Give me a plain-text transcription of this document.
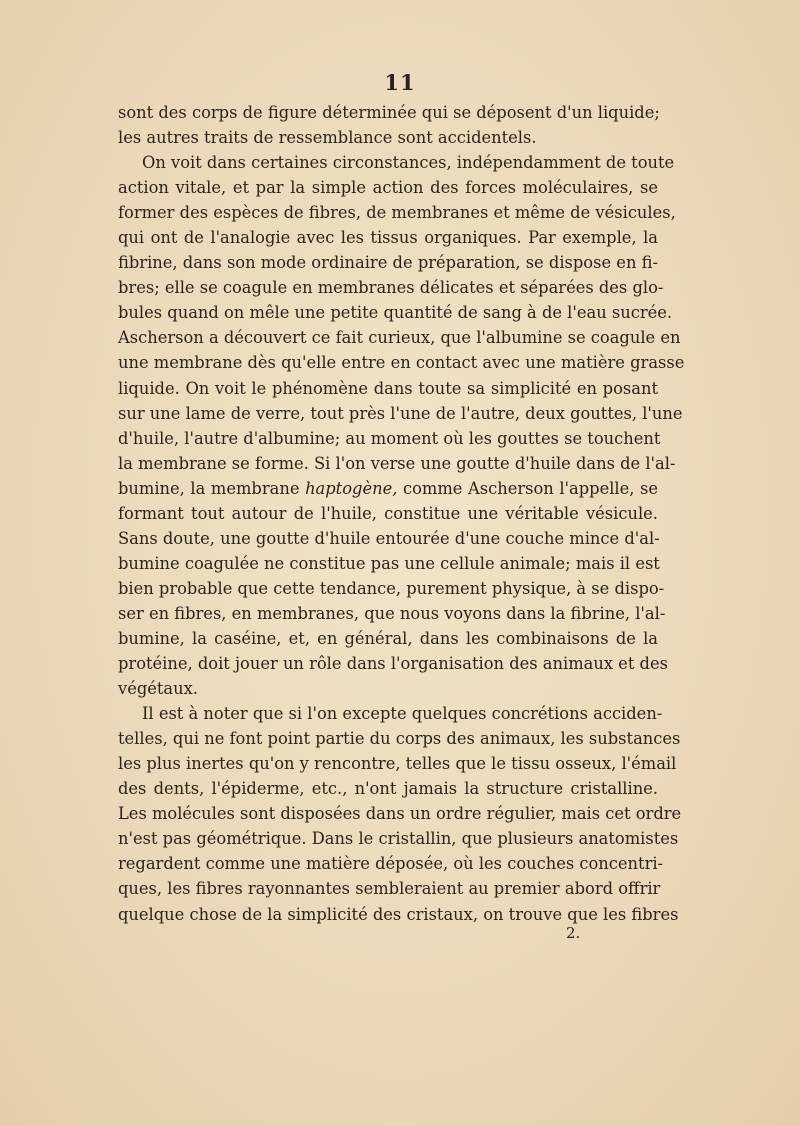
11
sont des corps de figure déterminée qui se déposent d'un liquide;
les autres traits de ressemblance sont accidentels.
On voit dans certaines circonstances, indépendamment de toute
action vitale, et par la simple action des forces moléculaires, se
former des espèces de fibres, de membranes et même de vésicules,
qui ont de l'analogie avec les tissus organiques. Par exemple, la
fibrine, dans son mode ordinaire de préparation, se dispose en fi-
bres; elle se coagule en membranes délicates et séparées des glo-
bules quand on mêle une petite quantité de sang à de l'eau sucrée.
Ascherson a découvert ce fait curieux, que l'albumine se coagule en
une membrane dès qu'elle entre en contact avec une matière grasse
liquide. On voit le phénomène dans toute sa simplicité en posant
sur une lame de verre, tout près l'une de l'autre, deux gouttes, l'une
d'huile, l'autre d'albumine; au moment où les gouttes se touchent
la membrane se forme. Si l'on verse une goutte d'huile dans de l'al-
bumine, la membrane haptogène, comme Ascherson l'appelle, se
formant tout autour de l'huile, constitue une véritable vésicule.
Sans doute, une goutte d'huile entourée d'une couche mince d'al-
bumine coagulée ne constitue pas une cellule animale; mais il est
bien probable que cette tendance, purement physique, à se dispo-
ser en fibres, en membranes, que nous voyons dans la fibrine, l'al-
bumine, la caséine, et, en général, dans les combinaisons de la
protéine, doit jouer un rôle dans l'organisation des animaux et des
végétaux.
Il est à noter que si l'on excepte quelques concrétions acciden-
telles, qui ne font point partie du corps des animaux, les substances
les plus inertes qu'on y rencontre, telles que le tissu osseux, l'émail
des dents, l'épiderme, etc., n'ont jamais la structure cristalline.
Les molécules sont disposées dans un ordre régulier, mais cet ordre
n'est pas géométrique. Dans le cristallin, que plusieurs anatomistes
regardent comme une matière déposée, où les couches concentri-
ques, les fibres rayonnantes sembleraient au premier abord offrir
quelque chose de la simplicité des cristaux, on trouve que les fibres
2.
